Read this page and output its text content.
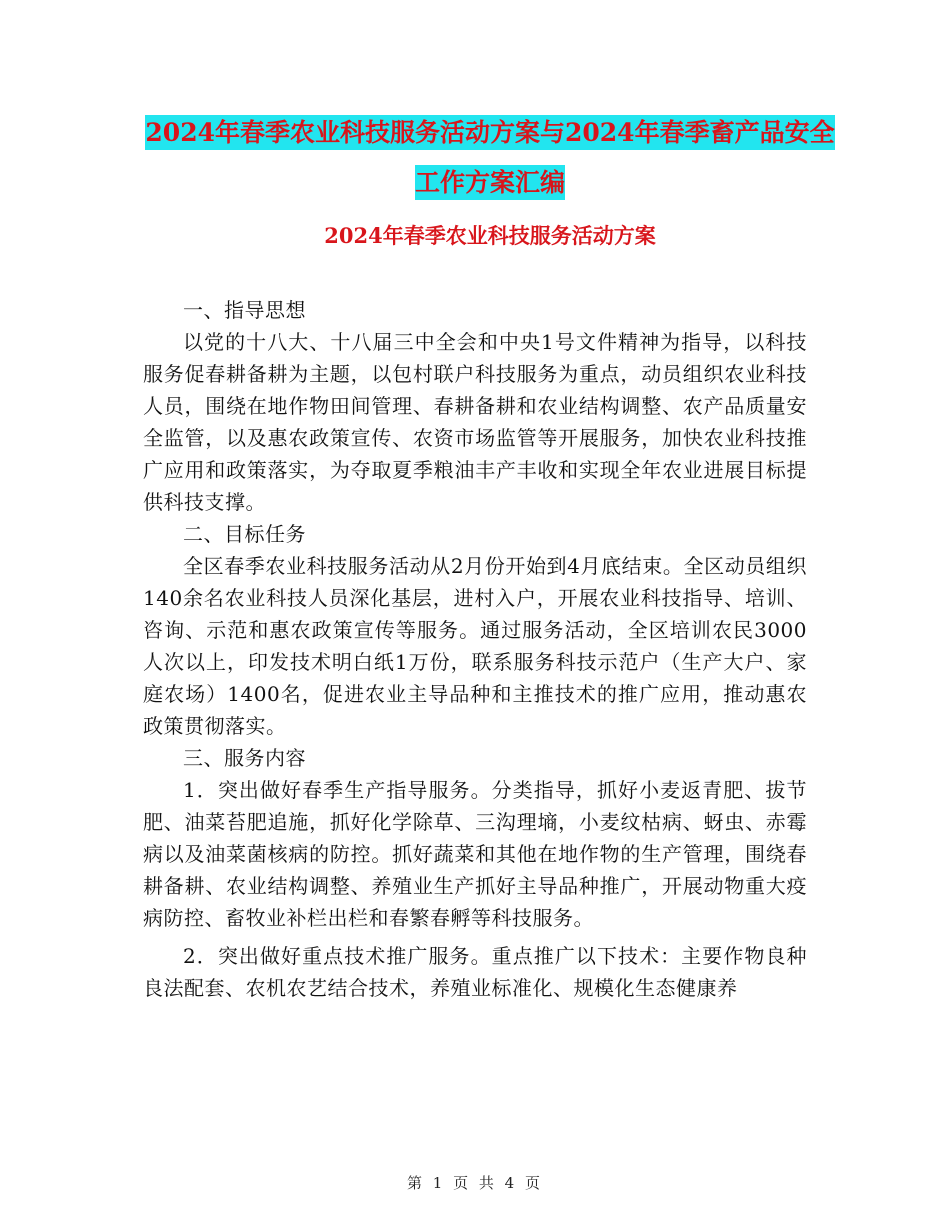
2024年春季农业科技服务活动方案与2024年春季畜产品安全工作方案汇编
2024年春季农业科技服务活动方案

一、指导思想

以党的十八大、十八届三中全会和中央1号文件精神为指导，以科技服务促春耕备耕为主题，以包村联户科技服务为重点，动员组织农业科技人员，围绕在地作物田间管理、春耕备耕和农业结构调整、农产品质量安全监管，以及惠农政策宣传、农资市场监管等开展服务，加快农业科技推广应用和政策落实，为夺取夏季粮油丰产丰收和实现全年农业进展目标提供科技支撑。

二、目标任务

全区春季农业科技服务活动从2月份开始到4月底结束。全区动员组织140余名农业科技人员深化基层，进村入户，开展农业科技指导、培训、咨询、示范和惠农政策宣传等服务。通过服务活动，全区培训农民3000人次以上，印发技术明白纸1万份，联系服务科技示范户（生产大户、家庭农场）1400名，促进农业主导品种和主推技术的推广应用，推动惠农政策贯彻落实。

三、服务内容

1．突出做好春季生产指导服务。分类指导，抓好小麦返青肥、拔节肥、油菜苔肥追施，抓好化学除草、三沟理墒，小麦纹枯病、蚜虫、赤霉病以及油菜菌核病的防控。抓好蔬菜和其他在地作物的生产管理，围绕春耕备耕、农业结构调整、养殖业生产抓好主导品种推广，开展动物重大疫病防控、畜牧业补栏出栏和春繁春孵等科技服务。

2．突出做好重点技术推广服务。重点推广以下技术：主要作物良种良法配套、农机农艺结合技术，养殖业标准化、规模化生态健康养

第 1 页 共 4 页
